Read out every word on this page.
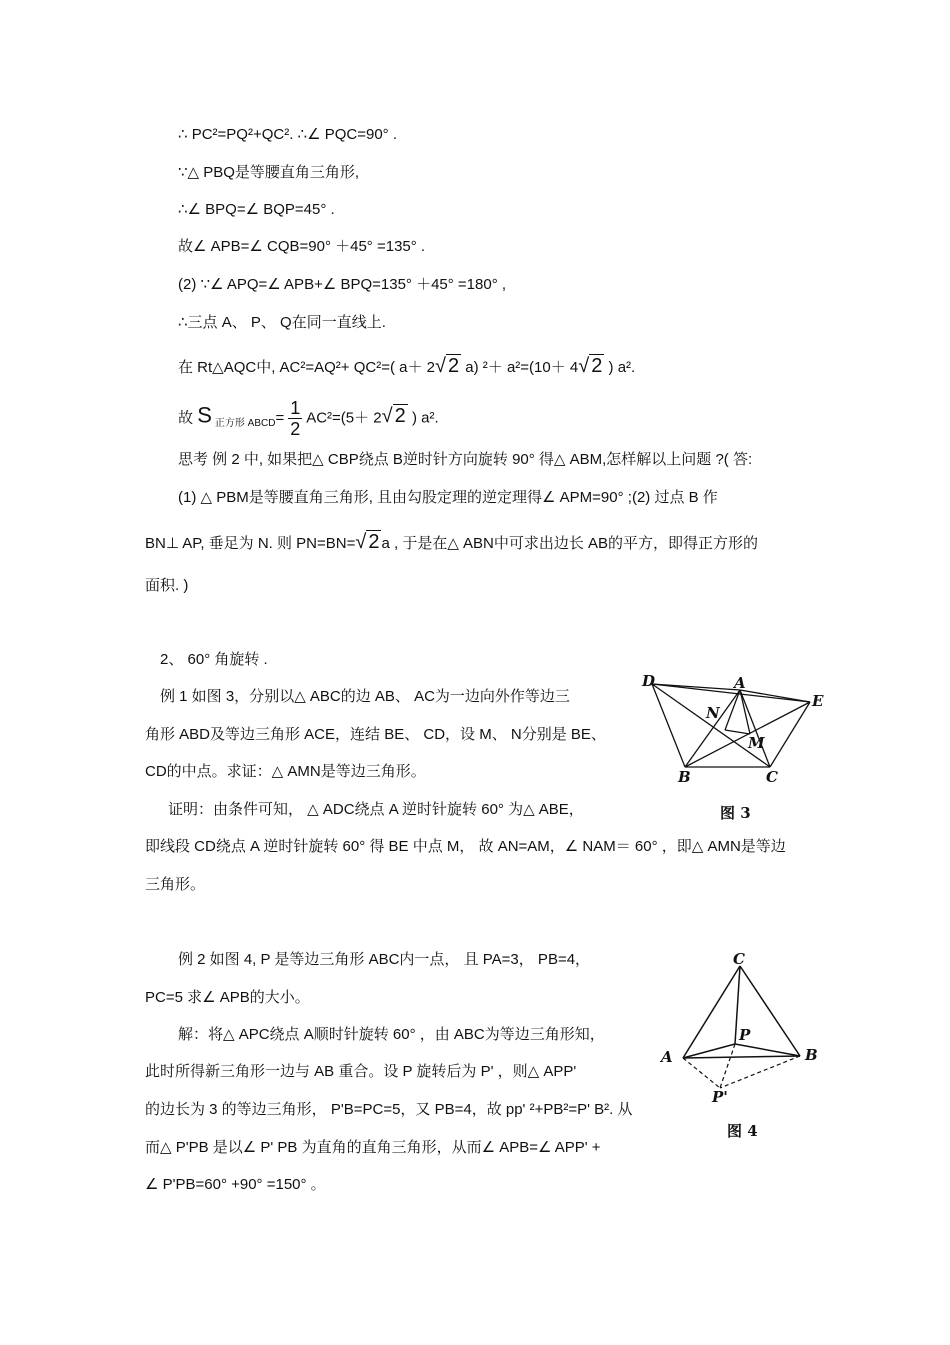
∴ PC²=PQ²+QC². ∴∠ PQC=90° .
∵△ PBQ是等腰直角三角形,
∴∠ BPQ=∠ BQP=45° .
故∠ APB=∠ CQB=90° ＋45° =135° .
(2) ∵∠ APQ=∠ APB+∠ BPQ=135° ＋45° =180° ,
∴三点 A、 P、 Q在同一直线上.
在 Rt△AQC中, AC²=AQ²+ QC²=( a＋ 2√ 2 a) ²＋ a²=(10＋ 4√ 2 ) a².
故 S $_{正方形 ABCD}= \frac{1}{2} AC^2=(5+ 2√$ 2 ) a².
思考 例 2 中, 如果把△ CBP绕点 B逆时针方向旋转 90° 得△ ABM,怎样解以上问题 ?( 答:
(1) △ PBM是等腰直角三角形, 且由勾股定理的逆定理得∠ APM=90° ;(2) 过点 B 作
BN⊥ AP, 垂足为 N. 则 PN=BN=√ 2 a , 于是在△ ABN中可求出边长 AB的平方，即得正方形的
面积. )
2、 60° 角旋转 .
例 1 如图 3，分别以△ ABC的边 AB、 AC为一边向外作等边三
角形 ABD及等边三角形 ACE，连结 BE、 CD，设 M、 N分别是 BE、
CD的中点。求证：△ AMN是等边三角形。
证明：由条件可知， △ ADC绕点 A 逆时针旋转 60° 为△ ABE，
即线段 CD绕点 A 逆时针旋转 60° 得 BE 中点 M， 故 AN=AM，∠ NAM＝ 60° ，即△ AMN是等边
三角形。
例 2 如图 4, P 是等边三角形 ABC内一点， 且 PA=3， PB=4，
PC=5 求∠ APB的大小。
解：将△ APC绕点 A顺时针旋转 60° ，由 ABC为等边三角形知，
此时所得新三角形一边与 AB 重合。设 P 旋转后为 P' ，则△ APP'
的边长为 3 的等边三角形， P'B=PC=5，又 PB=4，故 pp' ²+PB²=P' B². 从
而△ P'PB 是以∠ P' PB 为直角的直角三角形，从而∠ APB=∠ APP' +
∠ P'PB=60° +90° =150° 。
D	A
E
N
M
B	C
图 3
C
P
A	B
P'
图 4
